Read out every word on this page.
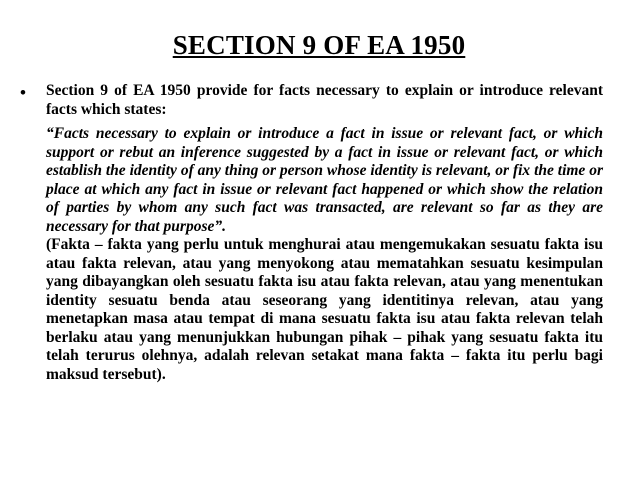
SECTION 9 OF EA 1950
• Section 9 of EA 1950 provide for facts necessary to explain or introduce relevant facts which states:

“Facts necessary to explain or introduce a fact in issue or relevant fact, or which support or rebut an inference suggested by a fact in issue or relevant fact, or which establish the identity of any thing or person whose identity is relevant, or fix the time or place at which any fact in issue or relevant fact happened or which show the relation of parties by whom any such fact was transacted, are relevant so far as they are necessary for that purpose”.

(Fakta – fakta yang perlu untuk menghurai atau mengemukakan sesuatu fakta isu atau fakta relevan, atau yang menyokong atau mematahkan sesuatu kesimpulan yang dibayangkan oleh sesuatu fakta isu atau fakta relevan, atau yang menentukan identity sesuatu benda atau seseorang yang identitinya relevan, atau yang menetapkan masa atau tempat di mana sesuatu fakta isu atau fakta relevan telah berlaku atau yang menunjukkan hubungan pihak – pihak yang sesuatu fakta itu telah terurus olehnya, adalah relevan setakat mana fakta – fakta itu perlu bagi maksud tersebut).
